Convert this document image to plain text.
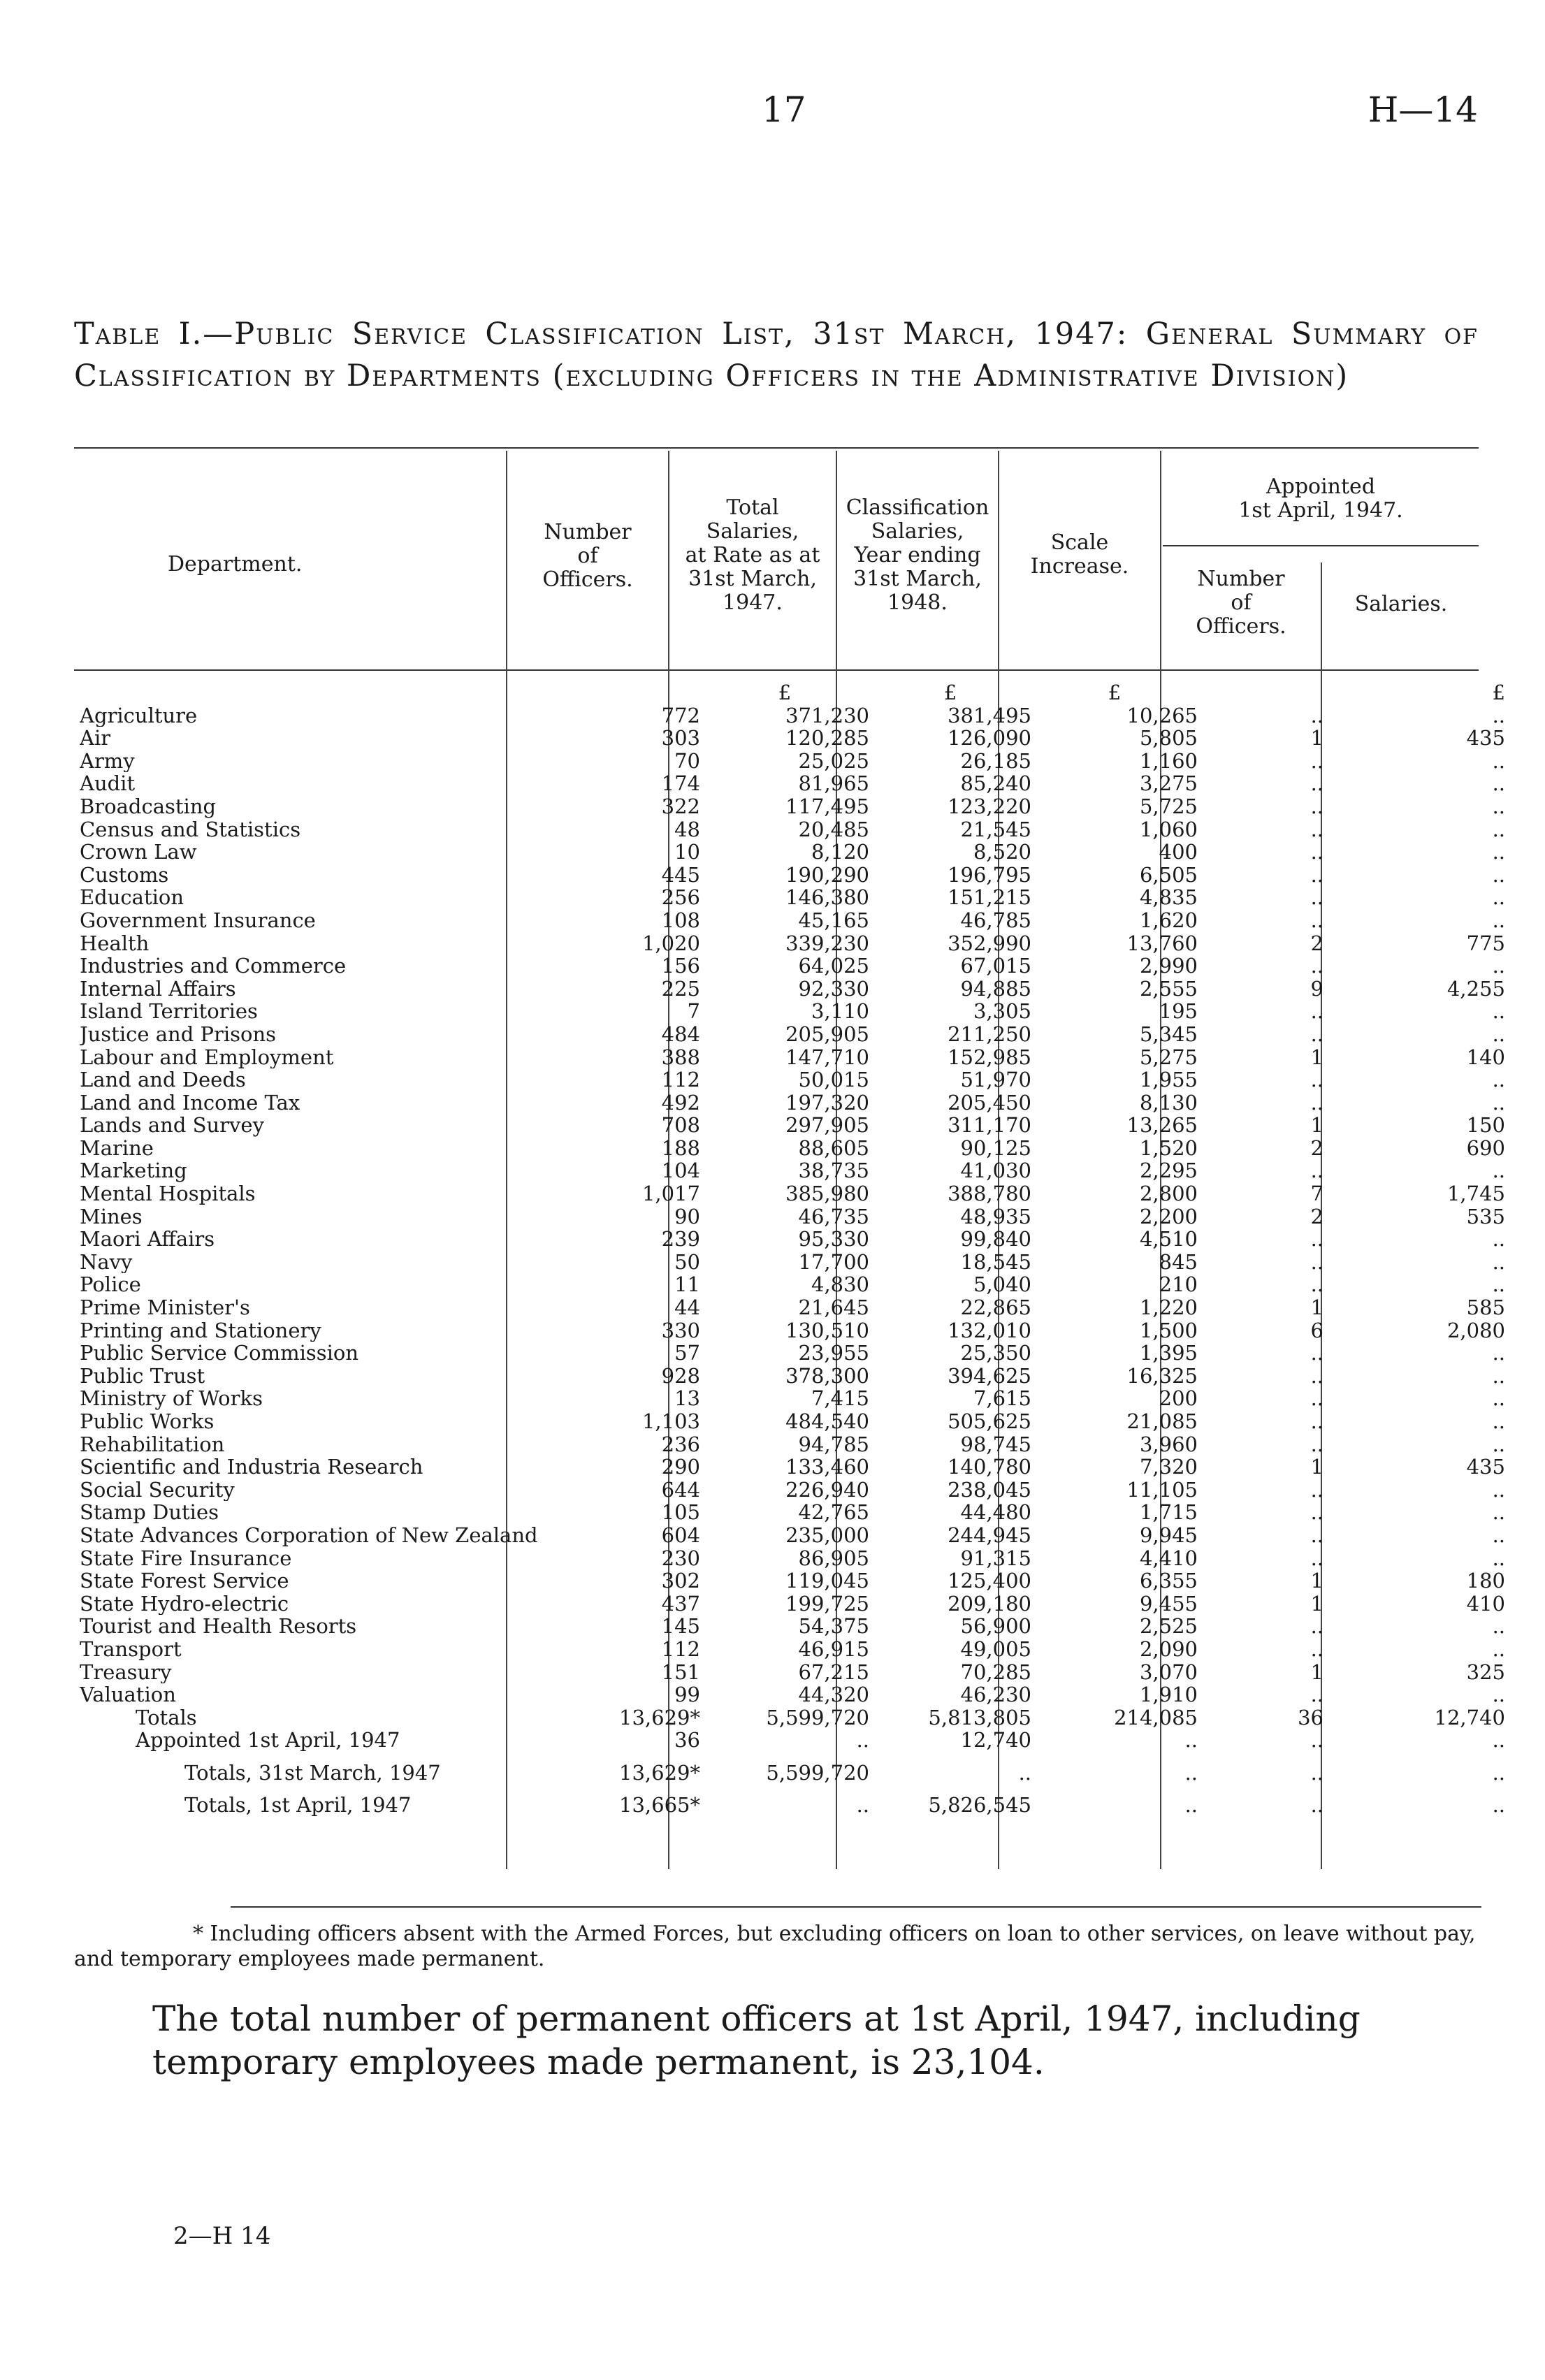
17	H—14
Table I.—Public Service Classification List, 31st March, 1947: General Summary of Classification by Departments (excluding Officers in the Administrative Division)
Department.
Number
of
Officers.
Total
Salaries,
at Rate as at
31st March,
1947.
Classification
Salaries,
Year ending
31st March,
1948.
Scale
Increase.
Appointed
1st April, 1947.
Number
of
Officers.
Salaries.
		£	£	£		£
Agriculture	772	371,230	381,495	10,265	..	..
Air	303	120,285	126,090	5,805	1	435
Army	70	25,025	26,185	1,160	..	..
Audit	174	81,965	85,240	3,275	..	..
Broadcasting	322	117,495	123,220	5,725	..	..
Census and Statistics	48	20,485	21,545	1,060	..	..
Crown Law	10	8,120	8,520	400	..	..
Customs	445	190,290	196,795	6,505	..	..
Education	256	146,380	151,215	4,835	..	..
Government Insurance	108	45,165	46,785	1,620	..	..
Health	1,020	339,230	352,990	13,760	2	775
Industries and Commerce	156	64,025	67,015	2,990	..	..
Internal Affairs	225	92,330	94,885	2,555	9	4,255
Island Territories	7	3,110	3,305	195	..	..
Justice and Prisons	484	205,905	211,250	5,345	..	..
Labour and Employment	388	147,710	152,985	5,275	1	140
Land and Deeds	112	50,015	51,970	1,955	..	..
Land and Income Tax	492	197,320	205,450	8,130	..	..
Lands and Survey	708	297,905	311,170	13,265	1	150
Marine	188	88,605	90,125	1,520	2	690
Marketing	104	38,735	41,030	2,295	..	..
Mental Hospitals	1,017	385,980	388,780	2,800	7	1,745
Mines	90	46,735	48,935	2,200	2	535
Maori Affairs	239	95,330	99,840	4,510	..	..
Navy	50	17,700	18,545	845	..	..
Police	11	4,830	5,040	210	..	..
Prime Minister's	44	21,645	22,865	1,220	1	585
Printing and Stationery	330	130,510	132,010	1,500	6	2,080
Public Service Commission	57	23,955	25,350	1,395	..	..
Public Trust	928	378,300	394,625	16,325	..	..
Ministry of Works	13	7,415	7,615	200	..	..
Public Works	1,103	484,540	505,625	21,085	..	..
Rehabilitation	236	94,785	98,745	3,960	..	..
Scientific and Industria Research	290	133,460	140,780	7,320	1	435
Social Security	644	226,940	238,045	11,105	..	..
Stamp Duties	105	42,765	44,480	1,715	..	..
State Advances Corporation of New Zealand	604	235,000	244,945	9,945	..	..
State Fire Insurance	230	86,905	91,315	4,410	..	..
State Forest Service	302	119,045	125,400	6,355	1	180
State Hydro-electric	437	199,725	209,180	9,455	1	410
Tourist and Health Resorts	145	54,375	56,900	2,525	..	..
Transport	112	46,915	49,005	2,090	..	..
Treasury	151	67,215	70,285	3,070	1	325
Valuation	99	44,320	46,230	1,910	..	..
Totals	13,629*	5,599,720	5,813,805	214,085	36	12,740
Appointed 1st April, 1947	36	..	12,740	..	..	..
Totals, 31st March, 1947	13,629*	5,599,720	..	..	..	..
Totals, 1st April, 1947	13,665*	..	5,826,545	..	..	..
* Including officers absent with the Armed Forces, but excluding officers on loan to other services, on leave without pay, and temporary employees made permanent.
The total number of permanent officers at 1st April, 1947, including temporary employees made permanent, is 23,104.
2—H 14
